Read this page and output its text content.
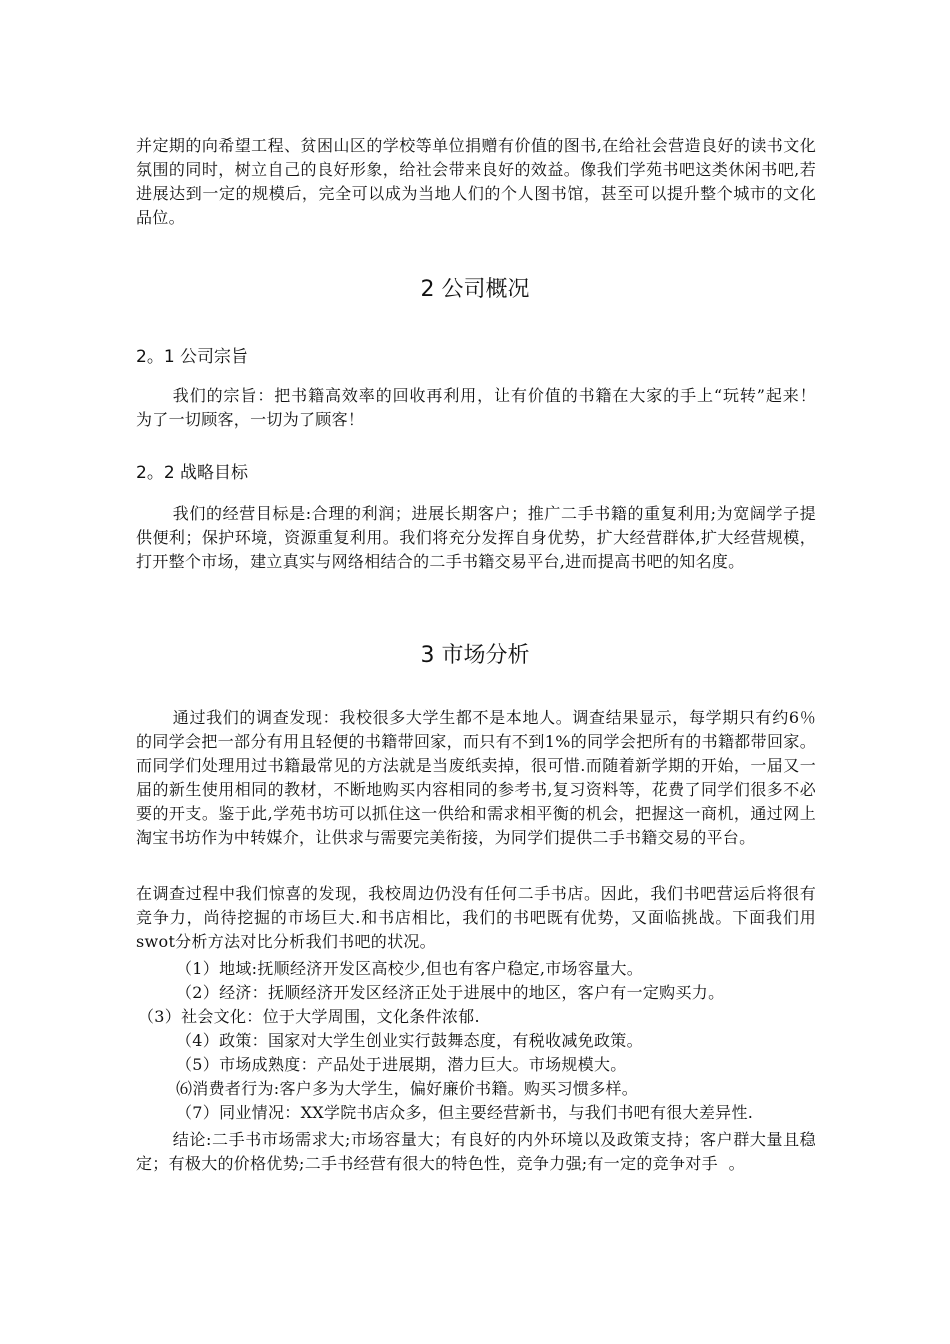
并定期的向希望工程、贫困山区的学校等单位捐赠有价值的图书,在给社会营造良好的读书文化氛围的同时，树立自己的良好形象，给社会带来良好的效益。像我们学苑书吧这类休闲书吧,若进展达到一定的规模后，完全可以成为当地人们的个人图书馆，甚至可以提升整个城市的文化品位。

2 公司概况
2。1 公司宗旨

我们的宗旨：把书籍高效率的回收再利用，让有价值的书籍在大家的手上“玩转”起来！  为了一切顾客，一切为了顾客！

2。2 战略目标

我们的经营目标是:合理的利润；进展长期客户；推广二手书籍的重复利用;为宽阔学子提供便利；保护环境，资源重复利用。我们将充分发挥自身优势，扩大经营群体,扩大经营规模，打开整个市场，建立真实与网络相结合的二手书籍交易平台,进而提高书吧的知名度。

3 市场分析

通过我们的调查发现：我校很多大学生都不是本地人。调查结果显示，每学期只有约6％的同学会把一部分有用且轻便的书籍带回家，而只有不到1%的同学会把所有的书籍都带回家。而同学们处理用过书籍最常见的方法就是当废纸卖掉，很可惜.而随着新学期的开始，一届又一届的新生使用相同的教材，不断地购买内容相同的参考书,复习资料等，花费了同学们很多不必要的开支。鉴于此,学苑书坊可以抓住这一供给和需求相平衡的机会，把握这一商机，通过网上淘宝书坊作为中转媒介，让供求与需要完美衔接，为同学们提供二手书籍交易的平台。

在调查过程中我们惊喜的发现，我校周边仍没有任何二手书店。因此，我们书吧营运后将很有竞争力，尚待挖掘的市场巨大.和书店相比，我们的书吧既有优势，又面临挑战。下面我们用swot分析方法对比分析我们书吧的状况。

（1）地域:抚顺经济开发区高校少,但也有客户稳定,市场容量大。
（2）经济：抚顺经济开发区经济正处于进展中的地区，客户有一定购买力。
（3）社会文化：位于大学周围，文化条件浓郁.
（4）政策：国家对大学生创业实行鼓舞态度，有税收减免政策。
（5）市场成熟度：产品处于进展期，潜力巨大。市场规模大。
⑹消费者行为:客户多为大学生，偏好廉价书籍。购买习惯多样。
（7）同业情况：XX学院书店众多，但主要经营新书，与我们书吧有很大差异性.

结论:二手书市场需求大;市场容量大；有良好的内外环境以及政策支持；客户群大量且稳定；有极大的价格优势;二手书经营有很大的特色性，竞争力强;有一定的竞争对手  。
